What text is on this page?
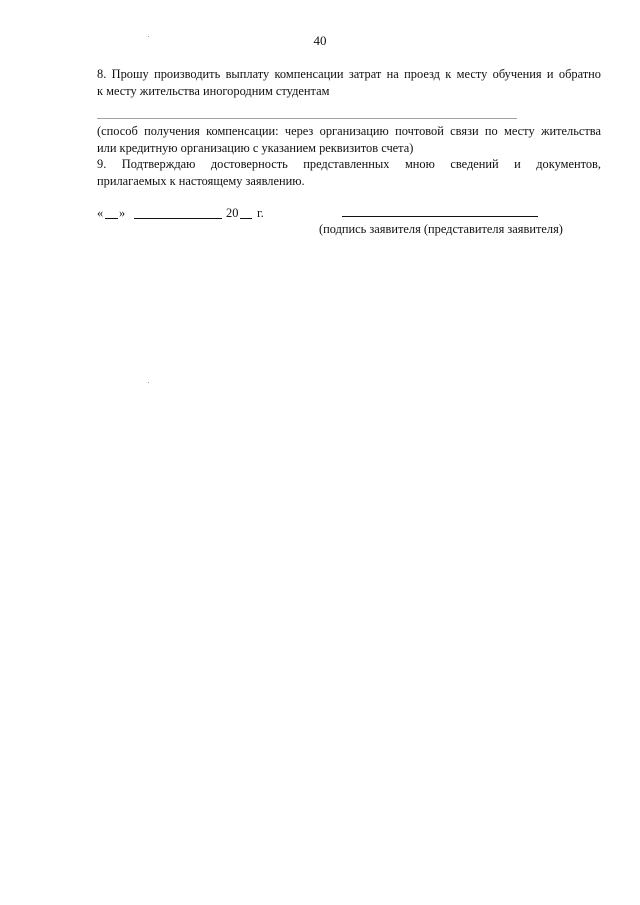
40

8. Прошу производить выплату компенсации затрат на проезд к месту обучения и обратно

к месту жительства иногородним студентам

(способ получения компенсации: через организацию почтовой связи по месту жительства

или кредитную организацию с указанием реквизитов счета)

9. Подтверждаю достоверность представленных мною сведений и документов,

прилагаемых к настоящему заявлению.

« »	20 г.
(подпись заявителя (представителя заявителя)
